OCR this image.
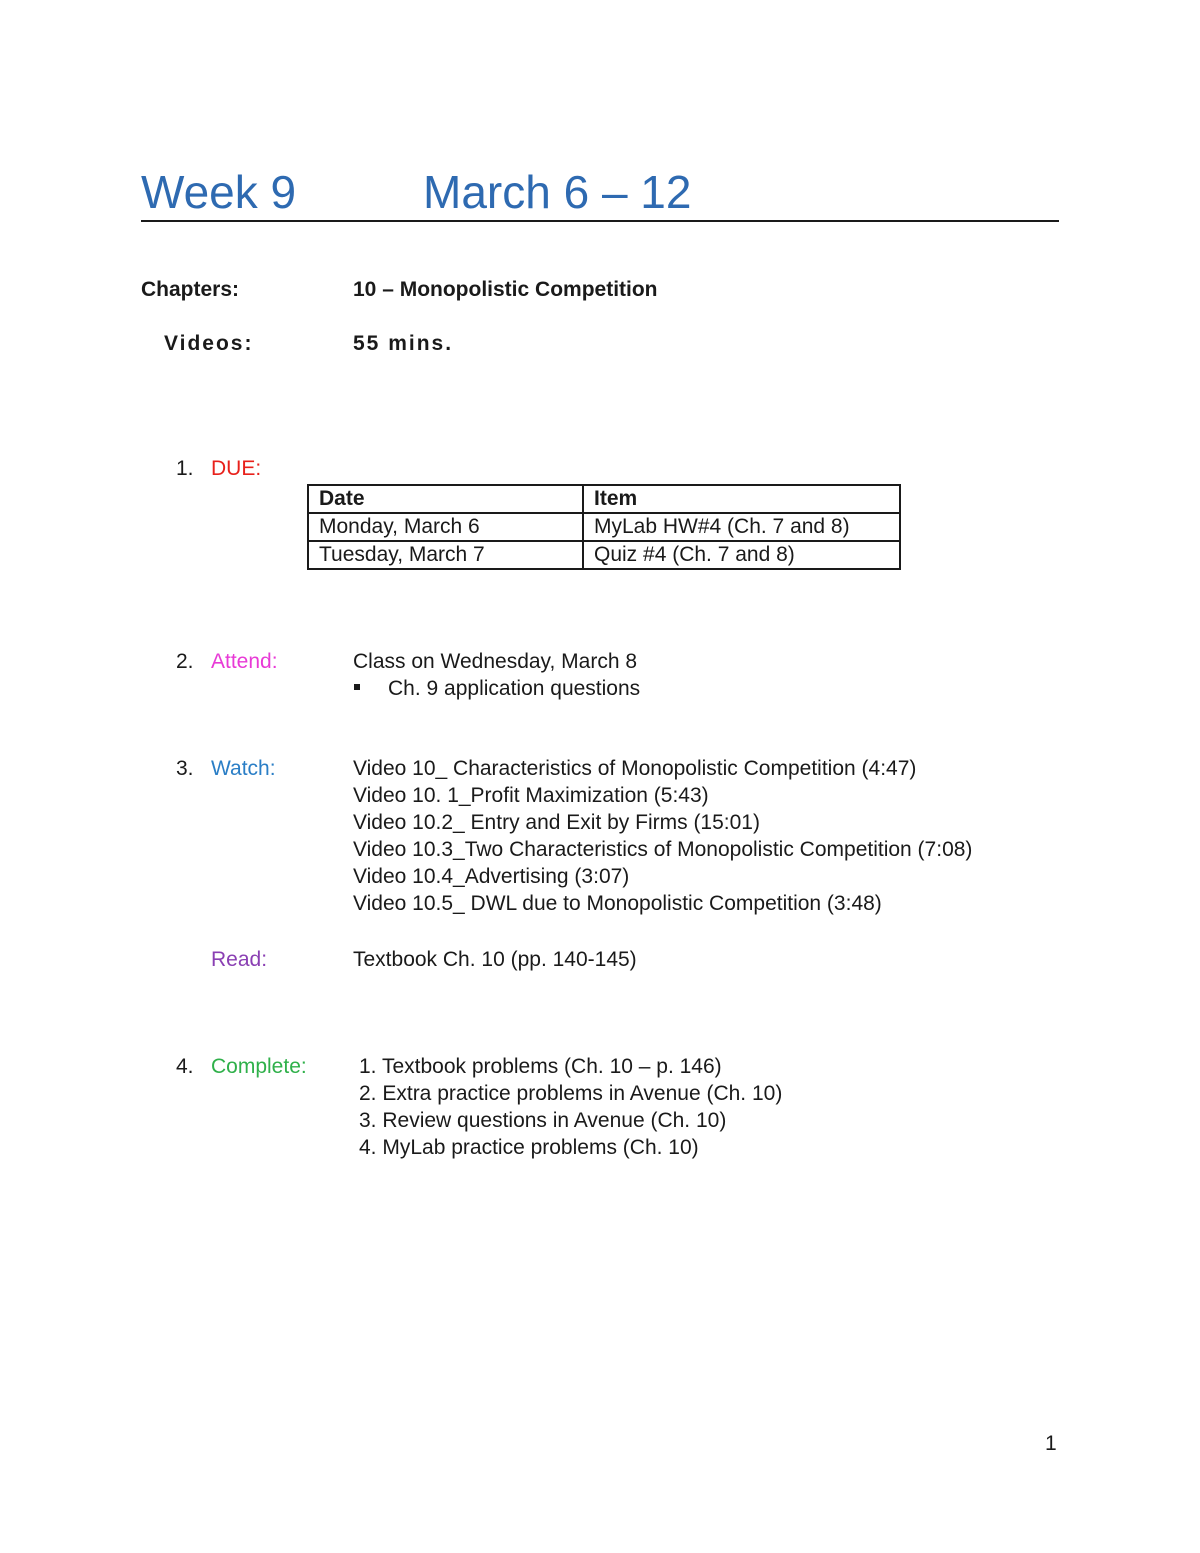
Week 9	March 6 – 12
Chapters:	10 – Monopolistic Competition
Videos:	55 mins.
1. DUE:
Date	Item
Monday, March 6	MyLab HW#4 (Ch. 7 and 8)
Tuesday, March 7	Quiz #4 (Ch. 7 and 8)
2. Attend:	Class on Wednesday, March 8
Ch. 9 application questions
3. Watch:	Video 10_ Characteristics of Monopolistic Competition (4:47)
Video 10. 1_Profit Maximization (5:43)
Video 10.2_ Entry and Exit by Firms (15:01)
Video 10.3_Two Characteristics of Monopolistic Competition (7:08)
Video 10.4_Advertising (3:07)
Video 10.5_ DWL due to Monopolistic Competition (3:48)
Read:	Textbook Ch. 10 (pp. 140-145)
4. Complete: 1. Textbook problems (Ch. 10 – p. 146)
2. Extra practice problems in Avenue (Ch. 10)
3. Review questions in Avenue (Ch. 10)
4. MyLab practice problems (Ch. 10)
1
